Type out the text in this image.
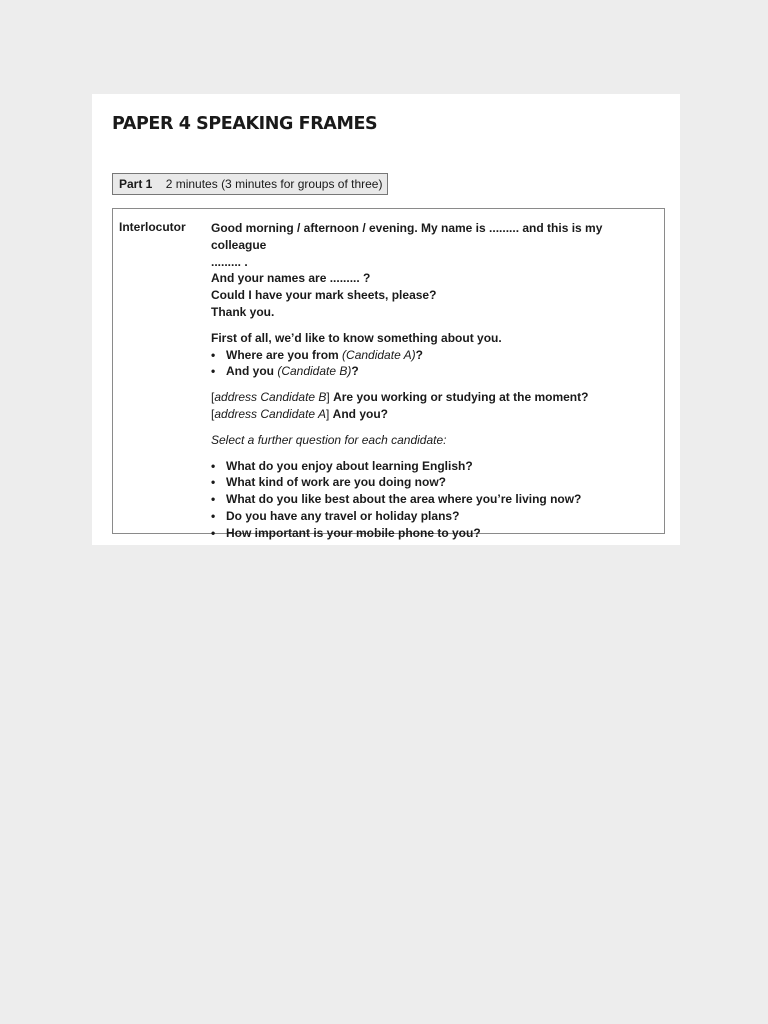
PAPER 4 SPEAKING FRAMES
Part 1 2 minutes (3 minutes for groups of three)
Interlocutor Good morning / afternoon / evening. My name is ......... and this is my colleague

......... .

And your names are ......... ?

Could I have your mark sheets, please?

Thank you.

First of all, we’d like to know something about you.

• Where are you from (Candidate A)?
• And you (Candidate B)?

[address Candidate B] Are you working or studying at the moment?

[address Candidate A] And you?

Select a further question for each candidate:

• What do you enjoy about learning English?
• What kind of work are you doing now?
• What do you like best about the area where you’re living now?
• Do you have any travel or holiday plans?
• How important is your mobile phone to you?
